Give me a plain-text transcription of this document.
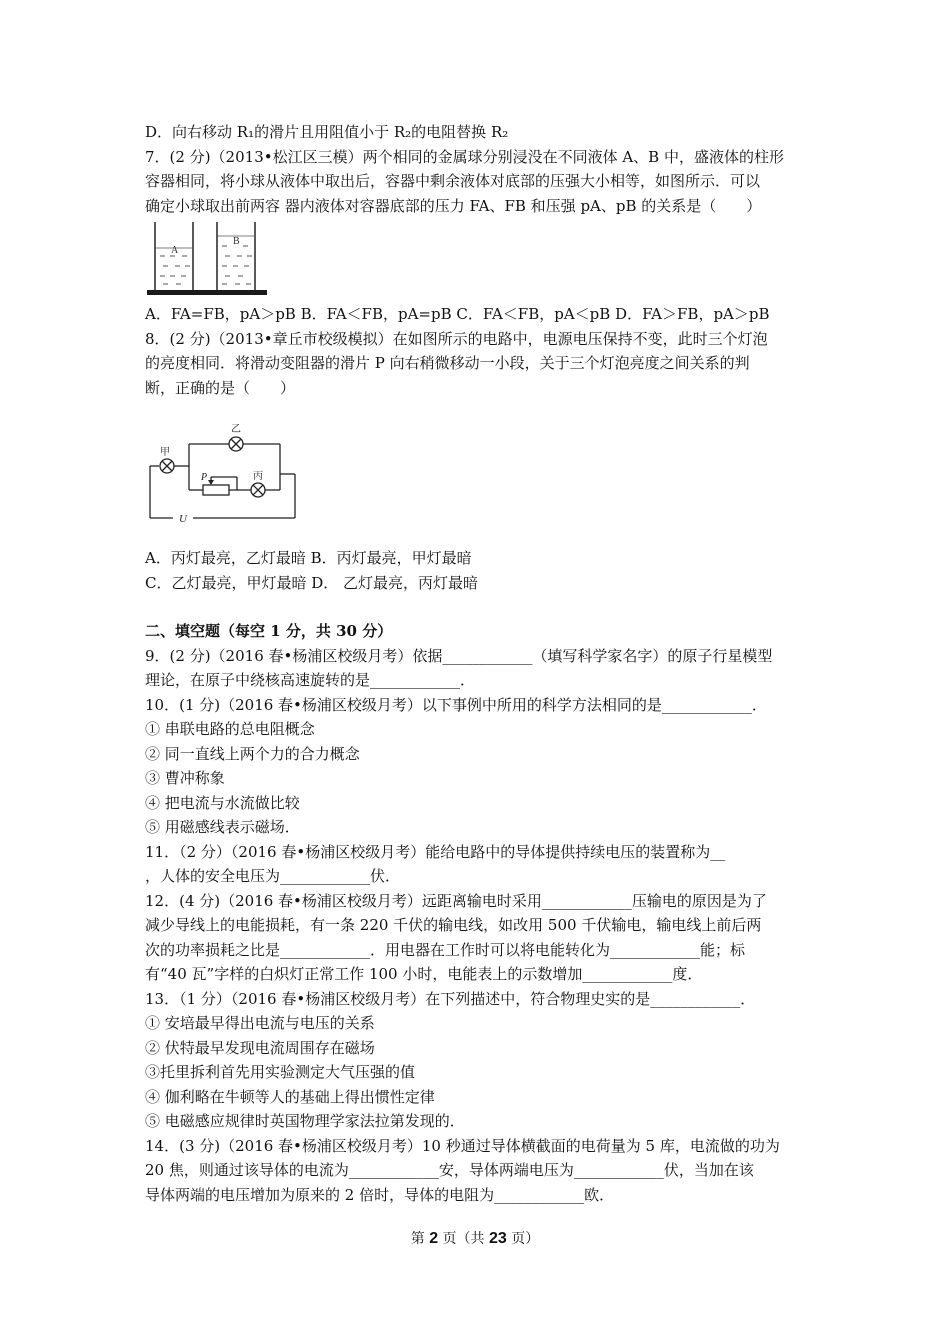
D．向右移动 R₁的滑片且用阻值小于 R₂的电阻替换 R₂
7．(2 分)（2013•松江区三模）两个相同的金属球分别浸没在不同液体 A、B 中，盛液体的柱形
容器相同，将小球从液体中取出后，容器中剩余液体对底部的压强大小相等，如图所示．可以
确定小球取出前两容 器内液体对容器底部的压力 FA、FB 和压强 pA、pB 的关系是（　　）
A
B
A．FA=FB，pA＞pB B．FA＜FB，pA=pB C．FA＜FB，pA＜pB D．FA＞FB，pA＞pB
8．(2 分)（2013•章丘市校级模拟）在如图所示的电路中，电源电压保持不变，此时三个灯泡
的亮度相同．将滑动变阻器的滑片 P 向右稍微移动一小段，关于三个灯泡亮度之间关系的判
断，正确的是（　　）
甲
乙
丙
P
U
A．丙灯最亮，乙灯最暗 B．丙灯最亮，甲灯最暗
C．乙灯最亮，甲灯最暗 D． 乙灯最亮，丙灯最暗
二、填空题（每空 1 分，共 30 分）
9．(2 分)（2016 春•杨浦区校级月考）依据____________（填写科学家名字）的原子行星模型
理论，在原子中绕核高速旋转的是____________．
10．(1 分)（2016 春•杨浦区校级月考）以下事例中所用的科学方法相同的是____________．
① 串联电路的总电阻概念
② 同一直线上两个力的合力概念
③ 曹冲称象
④ 把电流与水流做比较
⑤ 用磁感线表示磁场．
11．（2 分）（2016 春•杨浦区校级月考）能给电路中的导体提供持续电压的装置称为__
，人体的安全电压为____________伏．
12．(4 分)（2016 春•杨浦区校级月考）远距离输电时采用____________压输电的原因是为了
减少导线上的电能损耗，有一条 220 千伏的输电线，如改用 500 千伏输电，输电线上前后两
次的功率损耗之比是____________．用电器在工作时可以将电能转化为____________能；标
有“40 瓦”字样的白炽灯正常工作 100 小时，电能表上的示数增加____________度．
13．（1 分）（2016 春•杨浦区校级月考）在下列描述中，符合物理史实的是____________．
① 安培最早得出电流与电压的关系
② 伏特最早发现电流周围存在磁场
③托里拆利首先用实验测定大气压强的值
④ 伽利略在牛顿等人的基础上得出惯性定律
⑤ 电磁感应规律时英国物理学家法拉第发现的．
14．(3 分)（2016 春•杨浦区校级月考）10 秒通过导体横截面的电荷量为 5 库，电流做的功为
20 焦，则通过该导体的电流为____________安，导体两端电压为____________伏，当加在该
导体两端的电压增加为原来的 2 倍时，导体的电阻为____________欧．
第 2 页（共 23 页）
